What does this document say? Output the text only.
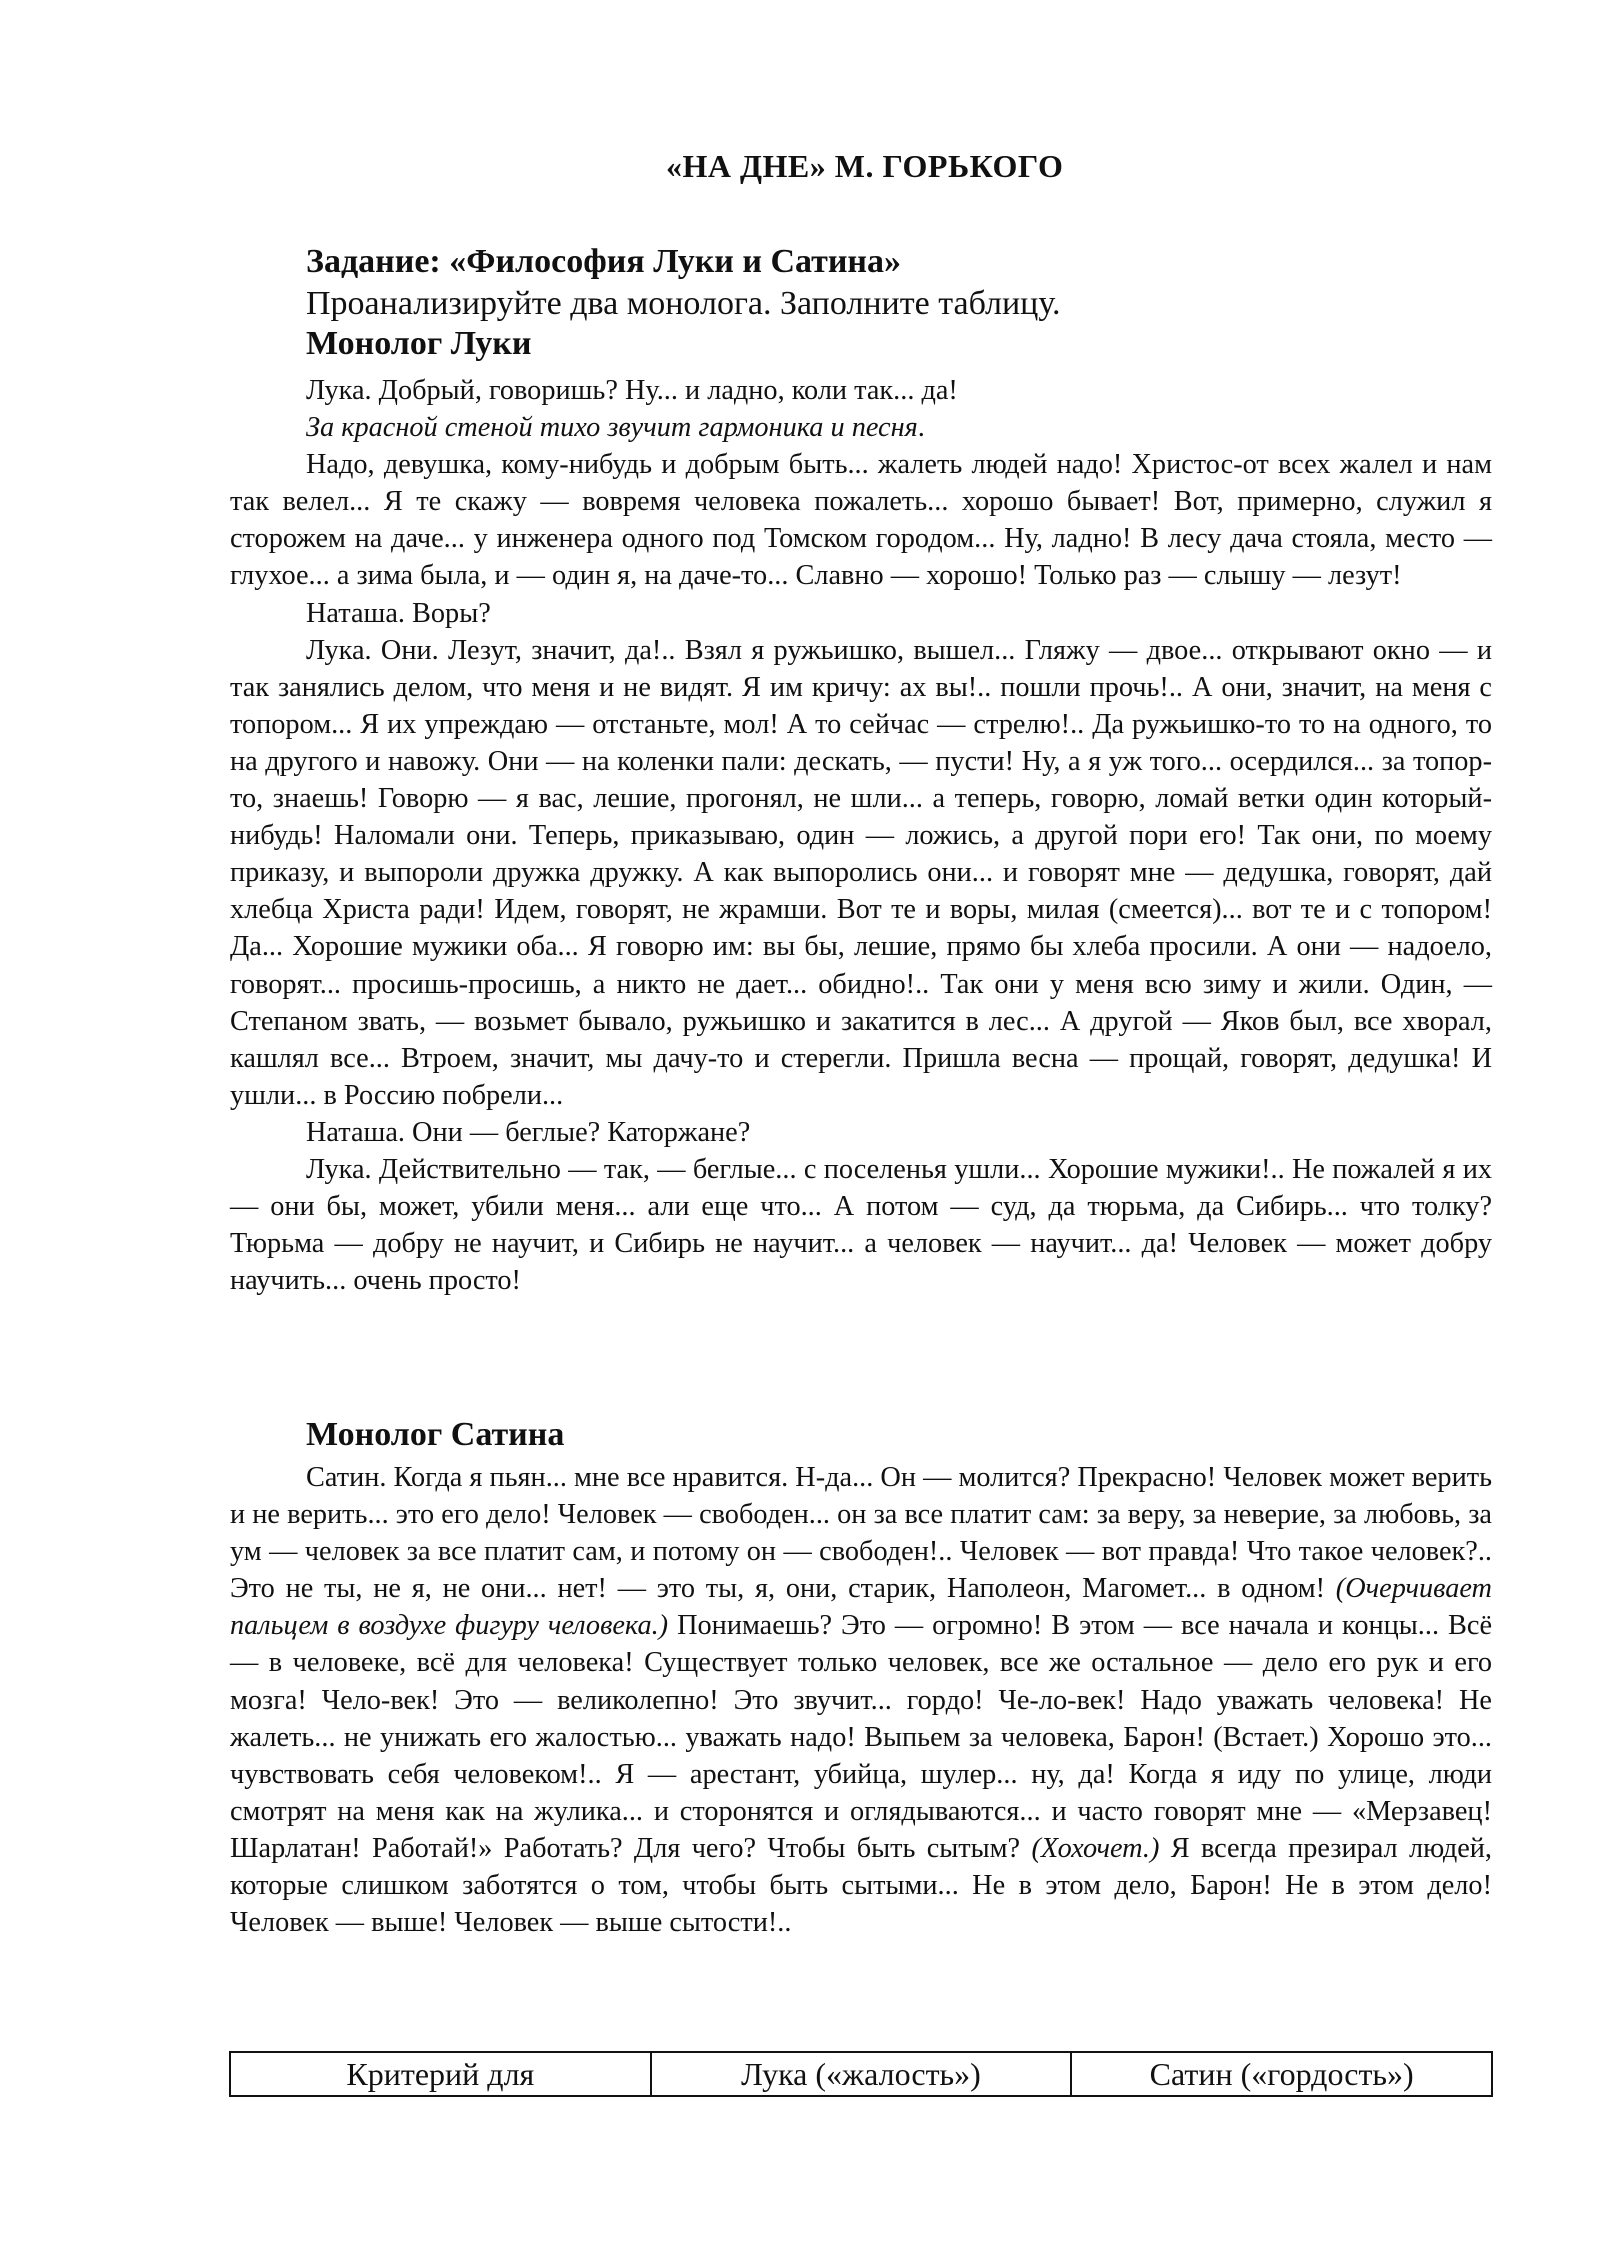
«НА ДНЕ» М. ГОРЬКОГО

Задание: «Философия Луки и Сатина»

Проанализируйте два монолога. Заполните таблицу.

Монолог Луки

Лука. Добрый, говоришь? Ну... и ладно, коли так... да!

За красной стеной тихо звучит гармоника и песня.

Надо, девушка, кому-нибудь и добрым быть... жалеть людей надо! Христос-от всех жалел и нам так велел... Я те скажу — вовремя человека пожалеть... хорошо бывает! Вот, примерно, служил я сторожем на даче... у инженера одного под Томском городом... Ну, ладно! В лесу дача стояла, место — глухое... а зима была, и — один я, на даче-то... Славно — хорошо! Только раз — слышу — лезут!

Наташа. Воры?

Лука. Они. Лезут, значит, да!.. Взял я ружьишко, вышел... Гляжу — двое... открывают окно — и так занялись делом, что меня и не видят. Я им кричу: ах вы!.. пошли прочь!.. А они, значит, на меня с топором... Я их упреждаю — отстаньте, мол! А то сейчас — стрелю!.. Да ружьишко-то то на одного, то на другого и навожу. Они — на коленки пали: дескать, — пусти! Ну, а я уж того... осердился... за топор-то, знаешь! Говорю — я вас, лешие, прогонял, не шли... а теперь, говорю, ломай ветки один который-нибудь! Наломали они. Теперь, приказываю, один — ложись, а другой пори его! Так они, по моему приказу, и выпороли дружка дружку. А как выпоролись они... и говорят мне — дедушка, говорят, дай хлебца Христа ради! Идем, говорят, не жрамши. Вот те и воры, милая (смеется)... вот те и с топором! Да... Хорошие мужики оба... Я говорю им: вы бы, лешие, прямо бы хлеба просили. А они — надоело, говорят... просишь-просишь, а никто не дает... обидно!.. Так они у меня всю зиму и жили. Один, — Степаном звать, — возьмет бывало, ружьишко и закатится в лес... А другой — Яков был, все хворал, кашлял все... Втроем, значит, мы дачу-то и стерегли. Пришла весна — прощай, говорят, дедушка! И ушли... в Россию побрели...

Наташа. Они — беглые? Каторжане?

Лука. Действительно — так, — беглые... с поселенья ушли... Хорошие мужики!.. Не пожалей я их — они бы, может, убили меня... али еще что... А потом — суд, да тюрьма, да Сибирь... что толку? Тюрьма — добру не научит, и Сибирь не научит... а человек — научит... да! Человек — может добру научить... очень просто!

Монолог Сатина

Сатин. Когда я пьян... мне все нравится. Н-да... Он — молится? Прекрасно! Человек может верить и не верить... это его дело! Человек — свободен... он за все платит сам: за веру, за неверие, за любовь, за ум — человек за все платит сам, и потому он — свободен!.. Человек — вот правда! Что такое человек?.. Это не ты, не я, не они... нет! — это ты, я, они, старик, Наполеон, Магомет... в одном! (Очерчивает пальцем в воздухе фигуру человека.) Понимаешь? Это — огромно! В этом — все начала и концы... Всё — в человеке, всё для человека! Существует только человек, все же остальное — дело его рук и его мозга! Чело-век! Это — великолепно! Это звучит... гордо! Че-ло-век! Надо уважать человека! Не жалеть... не унижать его жалостью... уважать надо! Выпьем за человека, Барон! (Встает.) Хорошо это... чувствовать себя человеком!.. Я — арестант, убийца, шулер... ну, да! Когда я иду по улице, люди смотрят на меня как на жулика... и сторонятся и оглядываются... и часто говорят мне — «Мерзавец! Шарлатан! Работай!» Работать? Для чего? Чтобы быть сытым? (Хохочет.) Я всегда презирал людей, которые слишком заботятся о том, чтобы быть сытыми... Не в этом дело, Барон! Не в этом дело! Человек — выше! Человек — выше сытости!..

Критерий для	Лука («жалость»)	Сатин («гордость»)
